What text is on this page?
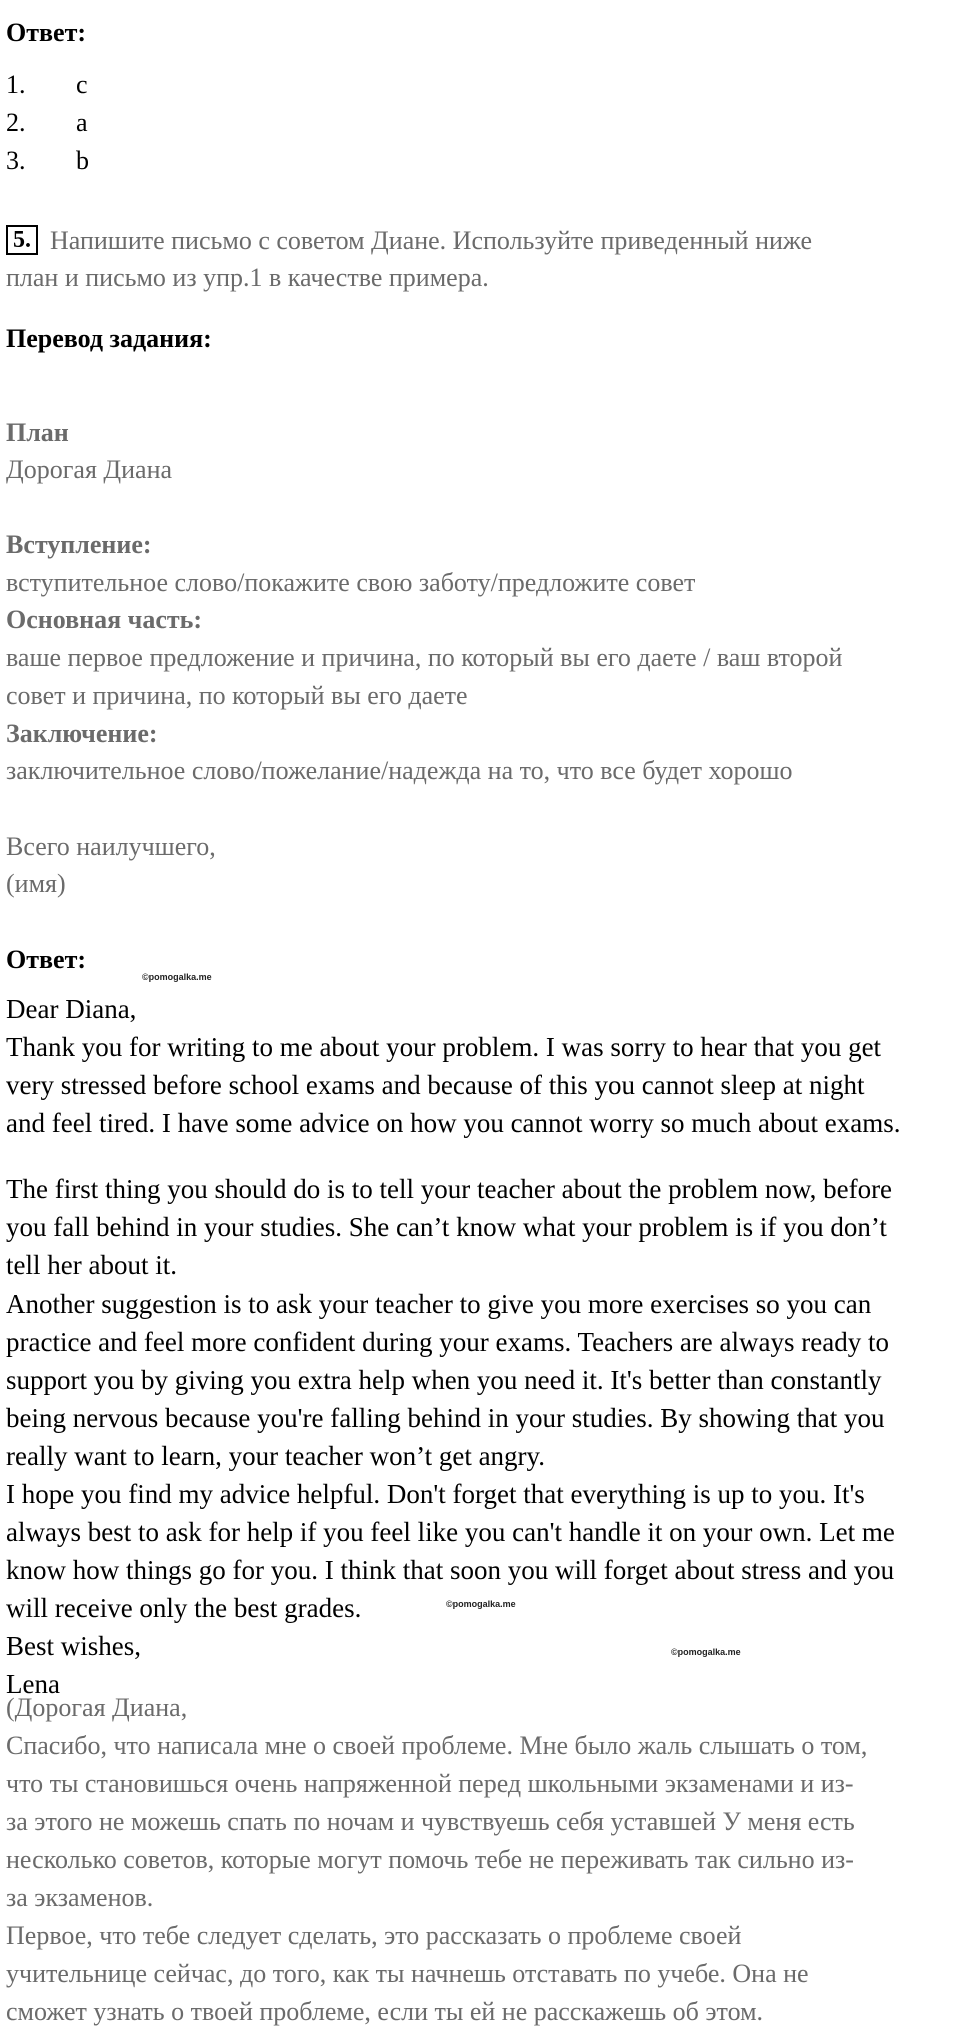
Ответ:
1. c
2. a
3. b
5. Напишите письмо с советом Диане. Используйте приведенный ниже
план и письмо из упр.1 в качестве примера.
Перевод задания:
План
Дорогая Диана
Вступление:
вступительное слово/покажите свою заботу/предложите совет
Основная часть:
ваше первое предложение и причина, по который вы его даете / ваш второй
совет и причина, по который вы его даете
Заключение:
заключительное слово/пожелание/надежда на то, что все будет хорошо
Всего наилучшего,
(имя)
Ответ:
©pomogalka.me

Dear Diana,

Thank you for writing to me about your problem. I was sorry to hear that you get

very stressed before school exams and because of this you cannot sleep at night

and feel tired. I have some advice on how you cannot worry so much about exams.

The first thing you should do is to tell your teacher about the problem now, before

you fall behind in your studies. She can’t know what your problem is if you don’t

tell her about it.

Another suggestion is to ask your teacher to give you more exercises so you can

practice and feel more confident during your exams. Teachers are always ready to

support you by giving you extra help when you need it. It's better than constantly

being nervous because you're falling behind in your studies. By showing that you

really want to learn, your teacher won’t get angry.

I hope you find my advice helpful. Don't forget that everything is up to you. It's

always best to ask for help if you feel like you can't handle it on your own. Let me

know how things go for you. I think that soon you will forget about stress and you

will receive only the best grades.

Best wishes,

Lena

©pomogalka.me
©pomogalka.me

(Дорогая Диана,

Спасибо, что написала мне о своей проблеме. Мне было жаль слышать о том,

что ты становишься очень напряженной перед школьными экзаменами и из-

за этого не можешь спать по ночам и чувствуешь себя уставшей У меня есть

несколько советов, которые могут помочь тебе не переживать так сильно из-

за экзаменов.

Первое, что тебе следует сделать, это рассказать о проблеме своей

учительнице сейчас, до того, как ты начнешь отставать по учебе. Она не

сможет узнать о твоей проблеме, если ты ей не расскажешь об этом.
